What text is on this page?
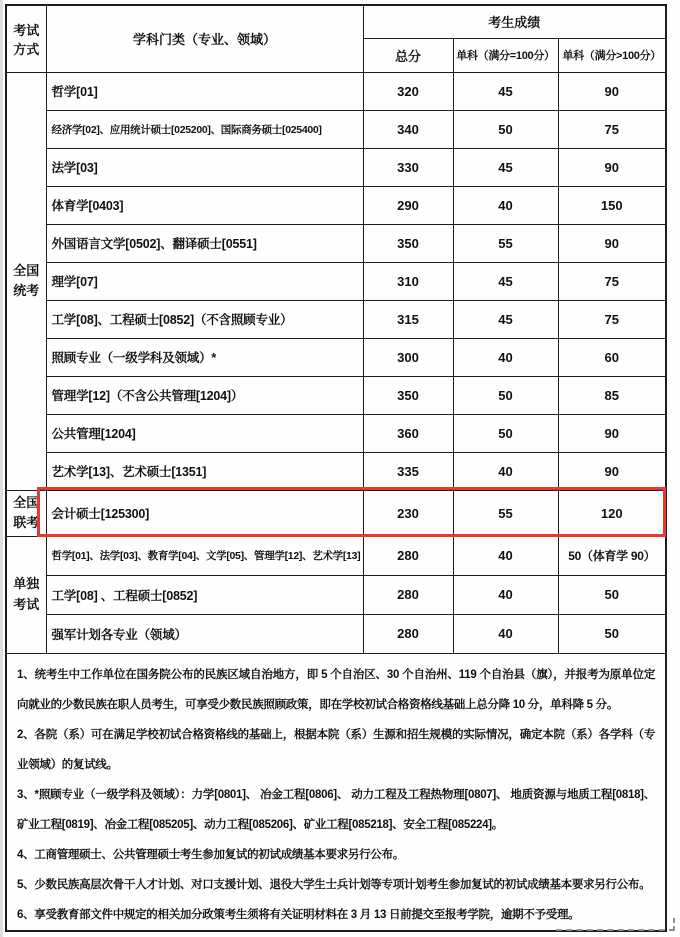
考试方式	学科门类（专业、领域）	考生成绩		
		总分	单科（满分=100分）	单科（满分>100分）
全国统考	哲学[01]	320	45	90
	经济学[02]、应用统计硕士[025200]、国际商务硕士[025400]	340	50	75
	法学[03]	330	45	90
	体育学[0403]	290	40	150
	外国语言文学[0502]、翻译硕士[0551]	350	55	90
	理学[07]	310	45	75
	工学[08]、工程硕士[0852]（不含照顾专业）	315	45	75
	照顾专业（一级学科及领域）*	300	40	60
	管理学[12]（不含公共管理[1204]）	350	50	85
	公共管理[1204]	360	50	90
	艺术学[13]、艺术硕士[1351]	335	40	90
全国联考	会计硕士[125300]	230	55	120
单独考试	哲学[01]、法学[03]、教育学[04]、文学[05]、管理学[12]、艺术学[13]	280	40	50（体育学 90）
	工学[08] 、工程硕士[0852]	280	40	50
	强军计划各专业（领域）	280	40	50

1、统考生中工作单位在国务院公布的民族区域自治地方，即 5 个自治区、30 个自治州、119 个自治县（旗），并报考为原单位定向就业的少数民族在职人员考生，可享受少数民族照顾政策，即在学校初试合格资格线基础上总分降 10 分，单科降 5 分。

2、各院（系）可在满足学校初试合格资格线的基础上，根据本院（系）生源和招生规模的实际情况，确定本院（系）各学科（专业领域）的复试线。

3、*照顾专业（一级学科及领域）：力学[0801]、 冶金工程[0806]、 动力工程及工程热物理[0807]、 地质资源与地质工程[0818]、矿业工程[0819]、冶金工程[085205]、动力工程[085206]、矿业工程[085218]、安全工程[085224]。

4、工商管理硕士、公共管理硕士考生参加复试的初试成绩基本要求另行公布。

5、少数民族高层次骨干人才计划、对口支援计划、退役大学生士兵计划等专项计划考生参加复试的初试成绩基本要求另行公布。

6、享受教育部文件中规定的相关加分政策考生须将有关证明材料在 3 月 13 日前提交至报考学院，逾期不予受理。
